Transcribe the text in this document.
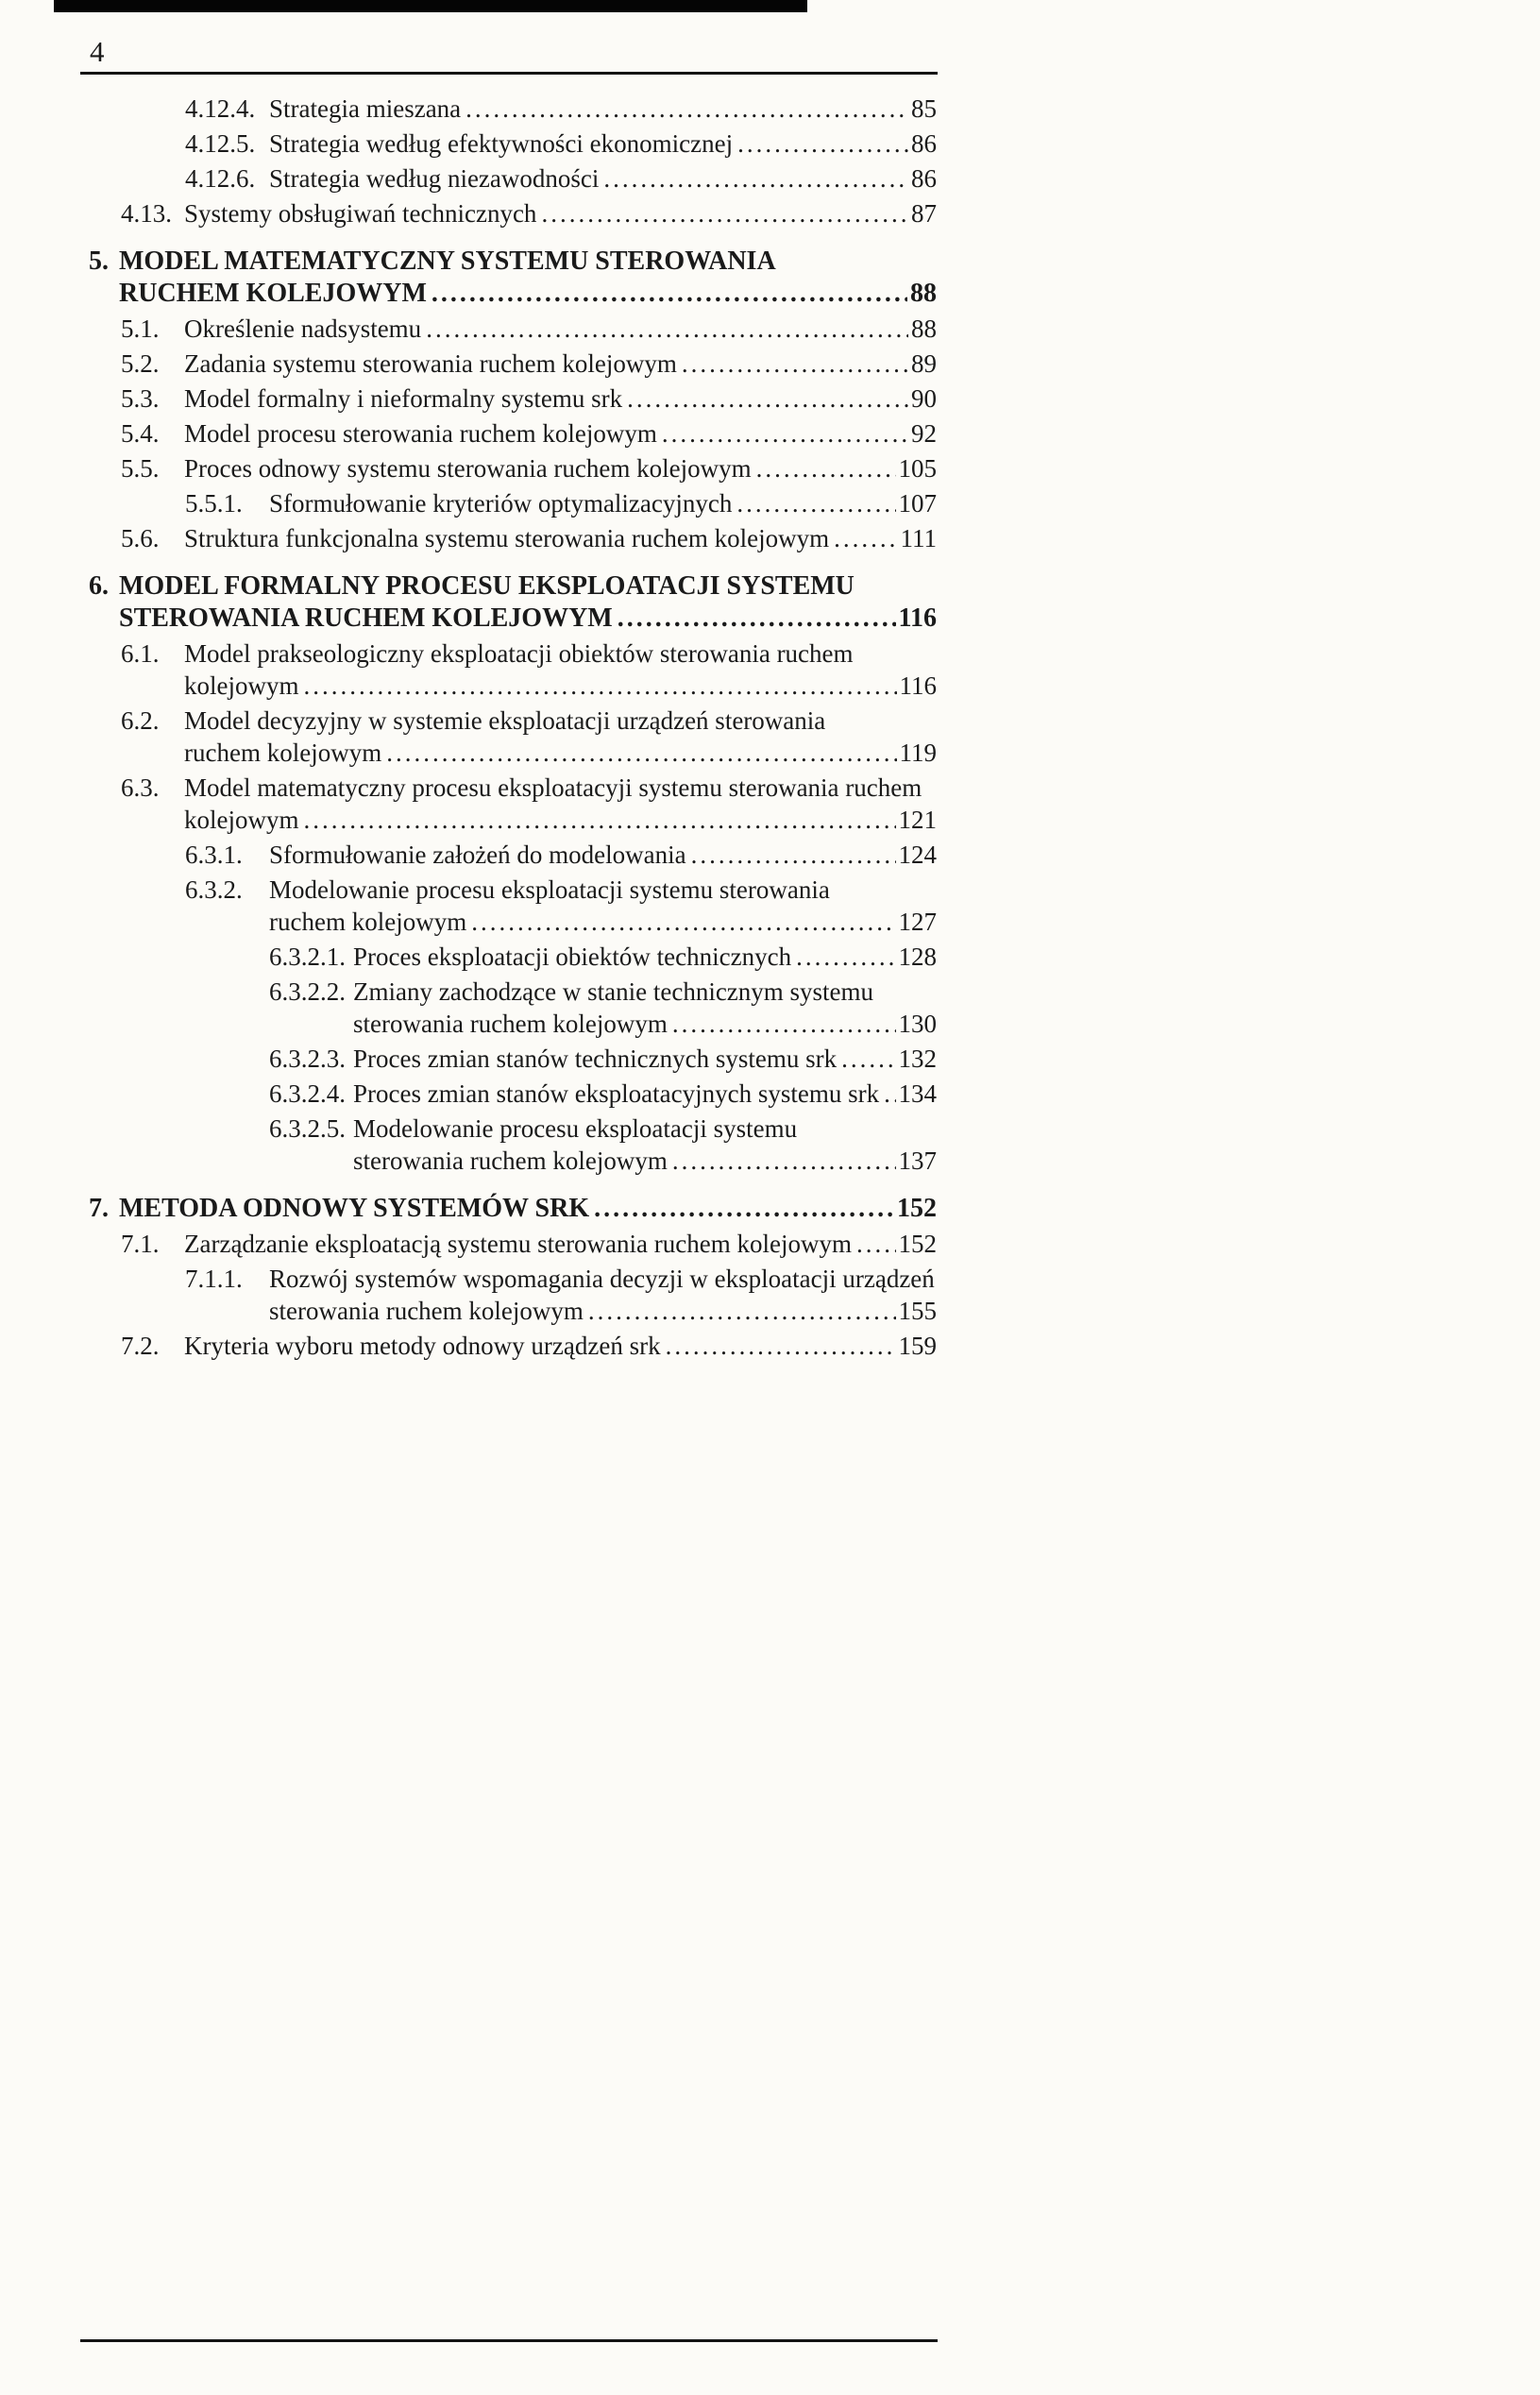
4
4.12.4. Strategia mieszana .....	85
4.12.5. Strategia według efektywności ekonomicznej .....	86
4.12.6. Strategia według niezawodności .....	86
4.13. Systemy obsługiwań technicznych .....	87
5. MODEL MATEMATYCZNY SYSTEMU STEROWANIA
RUCHEM KOLEJOWYM .....	88
5.1. Określenie nadsystemu .....	88
5.2. Zadania systemu sterowania ruchem kolejowym .....	89
5.3. Model formalny i nieformalny systemu srk .....	90
5.4. Model procesu sterowania ruchem kolejowym .....	92
5.5. Proces odnowy systemu sterowania ruchem kolejowym .....	105
5.5.1.	Sformułowanie kryteriów optymalizacyjnych .....	107
5.6. Struktura funkcjonalna systemu sterowania ruchem kolejowym .....	111
6. MODEL FORMALNY PROCESU EKSPLOATACJI SYSTEMU
STEROWANIA RUCHEM KOLEJOWYM .....	116
6.1. Model prakseologiczny eksploatacji obiektów sterowania ruchem
kolejowym .....	116
6.2. Model decyzyjny w systemie eksploatacji urządzeń sterowania
ruchem kolejowym .....	119
6.3. Model matematyczny procesu eksploatacyji systemu sterowania ruchem
kolejowym .....	121
6.3.1.	Sformułowanie założeń do modelowania .....	124
6.3.2.	Modelowanie procesu eksploatacji systemu sterowania
ruchem kolejowym .....	127
6.3.2.1. Proces eksploatacji obiektów technicznych .....	128
6.3.2.2. Zmiany zachodzące w stanie technicznym systemu
sterowania ruchem kolejowym .....	130
6.3.2.3. Proces zmian stanów technicznych systemu srk ..... 132
6.3.2.4. Proces zmian stanów eksploatacyjnych systemu srk ..... 134
6.3.2.5. Modelowanie procesu eksploatacji systemu
sterowania ruchem kolejowym .....	137
7. METODA ODNOWY SYSTEMÓW SRK .....	152
7.1. Zarządzanie eksploatacją systemu sterowania ruchem kolejowym ..... 152
7.1.1.	Rozwój systemów wspomagania decyzji w eksploatacji urządzeń
sterowania ruchem kolejowym .....	155
7.2. Kryteria wyboru metody odnowy urządzeń srk .....	159
